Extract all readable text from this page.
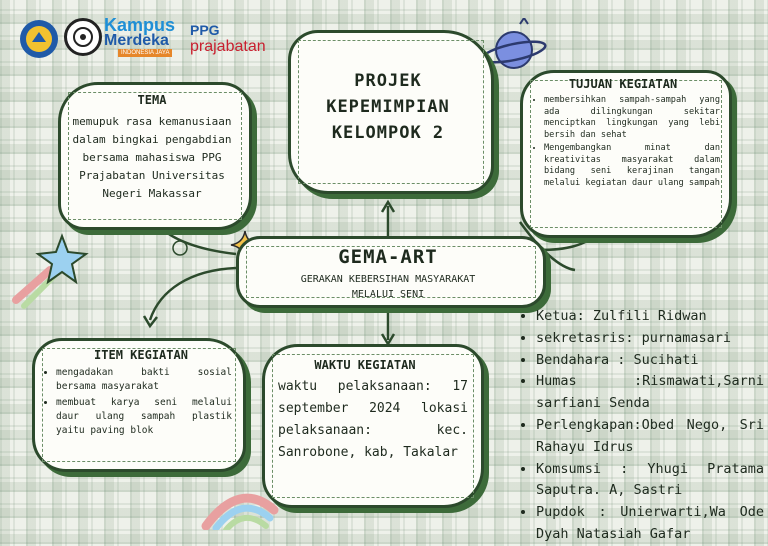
Kampus
Merdeka
INDONESIA JAYA
PPG
prajabatan
PROJEK
KEPEMIMPIAN
KELOMPOK 2
TEMA
memupuk rasa kemanusiaan dalam bingkai pengabdian bersama mahasiswa PPG Prajabatan Universitas Negeri Makassar
TUJUAN KEGIATAN
• membersihkan sampah-sampah yang ada dilingkungan sekitar menciptkan lingkungan yang lebi bersih dan sehat
• Mengembangkan minat dan kreativitas masyarakat dalam bidang seni kerajinan tangan melalui kegiatan daur ulang sampah
GEMA-ART
GERAKAN KEBERSIHAN MASYARAKAT
MELALUI SENI
ITEM KEGIATAN
• mengadakan bakti sosial bersama masyarakat
• membuat karya seni melalui daur ulang sampah plastik yaitu paving blok
WAKTU KEGIATAN
waktu pelaksanaan: 17 september 2024 lokasi pelaksanaan: kec. Sanrobone, kab, Takalar
• Ketua: Zulfili Ridwan
• sekretasris: purnamasari
• Bendahara : Sucihati
• Humas :Rismawati,Sarni sarfiani Senda
• Perlengkapan:Obed Nego, Sri Rahayu Idrus
• Komsumsi : Yhugi Pratama Saputra. A, Sastri
• Pupdok : Unierwarti,Wa Ode Dyah Natasiah Gafar
